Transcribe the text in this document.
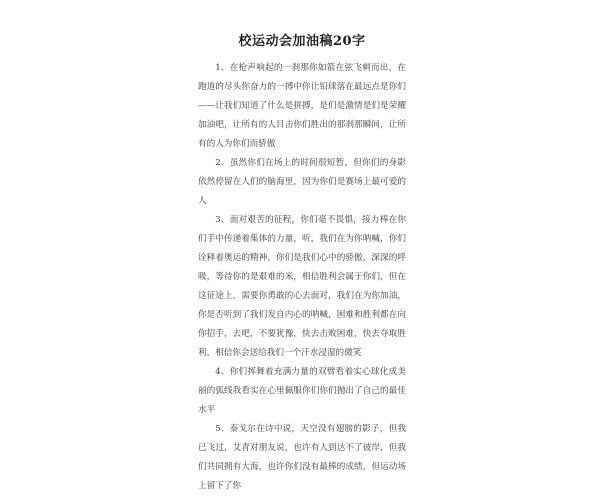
校运动会加油稿20字

1、在枪声响起的一刹那你如箭在弦飞刺而出，在跑道的尽头你奋力的一搏中你让铅球落在最远点是你们——让我们知道了什么是拼搏，是们是激情是们是荣耀加油吧，让所有的人目击你们胜出的那刹那瞬间，让所有的人为你们而骄傲

2、虽然你们在场上的时间很短暂，但你们的身影依然停留在人们的脑海里，因为你们是赛场上最可爱的人

3、面对艰苦的征程，你们毫不畏惧，接力棒在你们手中传递着集体的力量，听，我们在为你呐喊，你们诠释着奥运的精神，你们是我们心中的骄傲，深深的呼吸，等待你的是艰难的米，相信胜利会属于你们，但在这征途上，需要你勇敢的心去面对，我们在为你加油，你是否听到了我们发自内心的呐喊，困难和胜利都在向你招手，去吧，不要犹豫，快去击败困难，快去夺取胜利，相信你会送给我们一个汗水浸湿的微笑

4、你们挥舞着充满力量的双臂看着实心球化成美丽的弧线我看实在心里佩服你们你们抛出了自己的最佳水平

5、泰戈尔在诗中说，天空没有翅膀的影子，但我已飞过，艾青对朋友说，也许有人到达不了彼岸，但我们共同拥有大海，也许你们没有最棒的成绩，但运动场上留下了你
